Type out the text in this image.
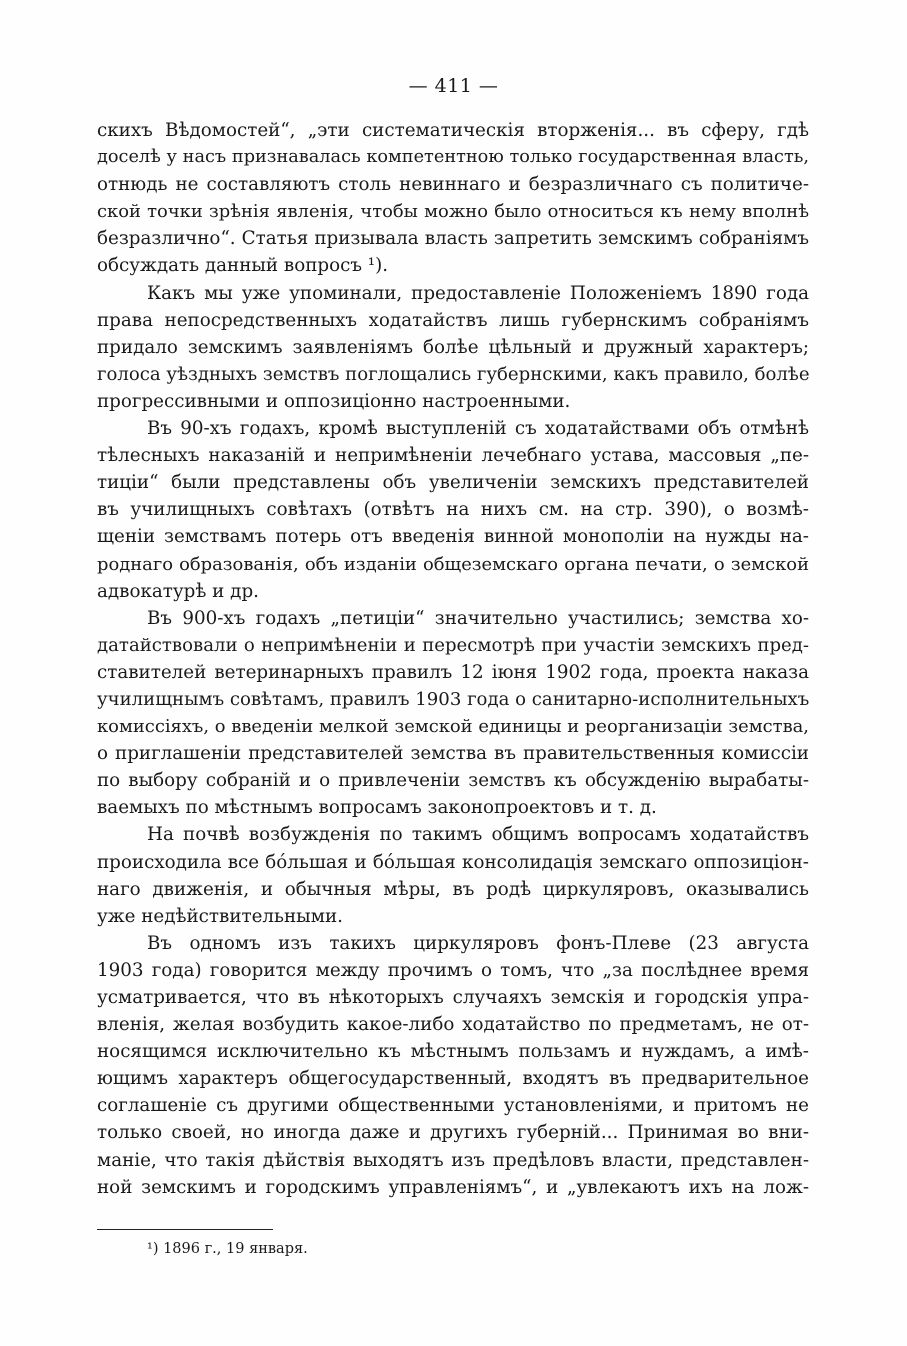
— 411 —
скихъ Вѣдомостей“, „эти систематическія вторженія... въ сферу, гдѣ
доселѣ у насъ признавалась компетентною только государственная власть,
отнюдь не составляютъ столь невиннаго и безразличнаго съ политиче-
ской точки зрѣнія явленія, чтобы можно было относиться къ нему вполнѣ
безразлично“. Статья призывала власть запретить земскимъ собраніямъ
обсуждать данный вопросъ ¹).
Какъ мы уже упоминали, предоставленіе Положеніемъ 1890 года
права непосредственныхъ ходатайствъ лишь губернскимъ собраніямъ
придало земскимъ заявленіямъ болѣе цѣльный и дружный характеръ;
голоса уѣздныхъ земствъ поглощались губернскими, какъ правило, болѣе
прогрессивными и оппозиціонно настроенными.
Въ 90-хъ годахъ, кромѣ выступленій съ ходатайствами объ отмѣнѣ
тѣлесныхъ наказаній и непримѣненіи лечебнаго устава, массовыя „пе-
тиціи“ были представлены объ увеличеніи земскихъ представителей
въ училищныхъ совѣтахъ (отвѣтъ на нихъ см. на стр. 390), о возмѣ-
щеніи земствамъ потерь отъ введенія винной монополіи на нужды на-
роднаго образованія, объ изданіи общеземскаго органа печати, о земской
адвокатурѣ и др.
Въ 900-хъ годахъ „петиціи“ значительно участились; земства хо-
датайствовали о непримѣненіи и пересмотрѣ при участіи земскихъ пред-
ставителей ветеринарныхъ правилъ 12 іюня 1902 года, проекта наказа
училищнымъ совѣтамъ, правилъ 1903 года о санитарно-исполнительныхъ
комиссіяхъ, о введеніи мелкой земской единицы и реорганизаціи земства,
о приглашеніи представителей земства въ правительственныя комиссіи
по выбору собраній и о привлеченіи земствъ къ обсужденію вырабаты-
ваемыхъ по мѣстнымъ вопросамъ законопроектовъ и т. д.
На почвѣ возбужденія по такимъ общимъ вопросамъ ходатайствъ
происходила все бóльшая и бóльшая консолидація земскаго оппозиціон-
наго движенія, и обычныя мѣры, въ родѣ циркуляровъ, оказывались
уже недѣйствительными.
Въ одномъ изъ такихъ циркуляровъ фонъ-Плеве (23 августа
1903 года) говорится между прочимъ о томъ, что „за послѣднее время
усматривается, что въ нѣкоторыхъ случаяхъ земскія и городскія упра-
вленія, желая возбудить какое-либо ходатайство по предметамъ, не от-
носящимся исключительно къ мѣстнымъ пользамъ и нуждамъ, а имѣ-
ющимъ характеръ общегосударственный, входятъ въ предварительное
соглашеніе съ другими общественными установленіями, и притомъ не
только своей, но иногда даже и другихъ губерній... Принимая во вни-
маніе, что такія дѣйствія выходятъ изъ предѣловъ власти, представлен-
ной земскимъ и городскимъ управленіямъ“, и „увлекаютъ ихъ на лож-
¹) 1896 г., 19 января.
